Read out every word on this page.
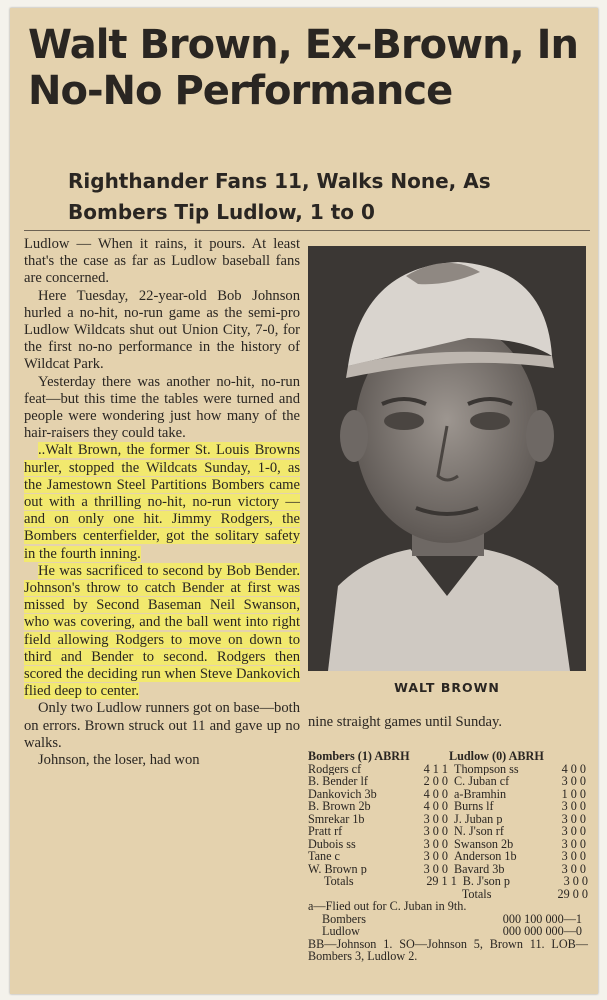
Walt Brown, Ex-Brown, In No-No Performance
Righthander Fans 11, Walks None, As Bombers Tip Ludlow, 1 to 0

Ludlow — When it rains, it pours. At least that's the case as far as Ludlow baseball fans are concerned.

Here Tuesday, 22-year-old Bob Johnson hurled a no-hit, no-run game as the semi-pro Ludlow Wildcats shut out Union City, 7-0, for the first no-no performance in the history of Wildcat Park.

Yesterday there was another no-hit, no-run feat—but this time the tables were turned and people were wondering just how many of the hair-raisers they could take.

..Walt Brown, the former St. Louis Browns hurler, stopped the Wildcats Sunday, 1-0, as the Jamestown Steel Partitions Bombers came out with a thrilling no-hit, no-run victory — and on only one hit. Jimmy Rodgers, the Bombers centerfielder, got the solitary safety in the fourth inning.

He was sacrificed to second by Bob Bender. Johnson's throw to catch Bender at first was missed by Second Baseman Neil Swanson, who was covering, and the ball went into right field allowing Rodgers to move on down to third and Bender to second. Rodgers then scored the deciding run when Steve Dankovich flied deep to center.

Only two Ludlow runners got on base—both on errors. Brown struck out 11 and gave up no walks.

Johnson, the loser, had won

WALT BROWN

nine straight games until Sunday.

Bombers (1) ABRH	Ludlow (0) ABRH
Rodgers cf	4 1 1 Thompson ss	4 0 0
B. Bender lf	2 0 0 C. Juban cf	3 0 0
Dankovich 3b	4 0 0 a-Bramhin	1 0 0
B. Brown 2b	4 0 0 Burns lf	3 0 0
Smrekar 1b	3 0 0 J. Juban p	3 0 0
Pratt rf	3 0 0 N. J'son rf	3 0 0
Dubois ss	3 0 0 Swanson 2b	3 0 0
Tane c	3 0 0 Anderson 1b	3 0 0
W. Brown p	3 0 0 Bavard 3b	3 0 0
Totals	29 1 1 B. J'son p	3 0 0
Totals	29 0 0
a—Flied out for C. Juban in 9th.
Bombers	000 100 000—1
Ludlow	000 000 000—0
BB—Johnson 1. SO—Johnson 5, Brown 11. LOB—Bombers 3, Ludlow 2.
